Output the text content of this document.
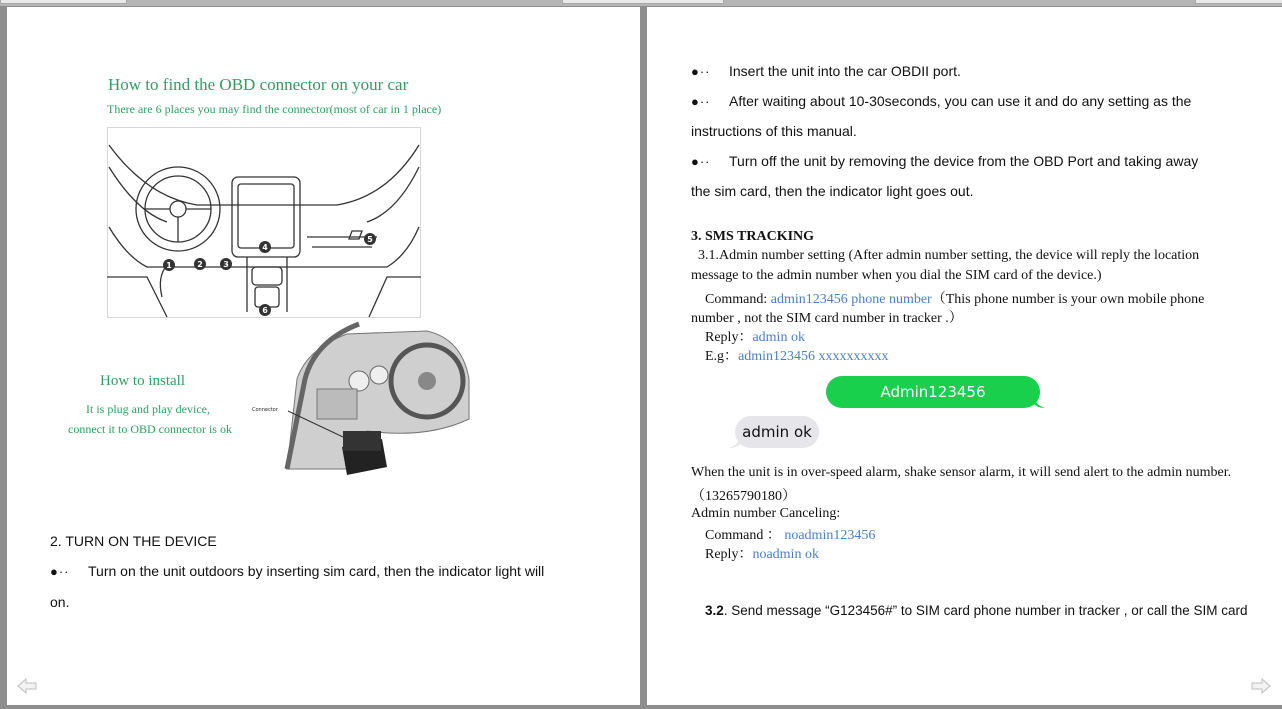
How to find the OBD connector on your car

There are 6 places you may find the connector(most of car in 1 place)

1	2	3
4
5
6

How to install

It is plug and play device,

connect it to OBD connector is ok

Connector

2. TURN ON THE DEVICE

●·· Turn on the unit outdoors by inserting sim card, then the indicator light will

on.

●·· Insert the unit into the car OBDII port.
●·· After waiting about 10-30seconds, you can use it and do any setting as the

instructions of this manual.

●·· Turn off the unit by removing the device from the OBD Port and taking away

the sim card, then the indicator light goes out.

3. SMS TRACKING

3.1.Admin number setting (After admin number setting, the device will reply the location

message to the admin number when you dial the SIM card of the device.)

Command: admin123456 phone number（This phone number is your own mobile phone

number , not the SIM card number in tracker .）

Reply：admin ok

E.g：admin123456 xxxxxxxxxx

Admin123456 13265790180
admin ok

When the unit is in over-speed alarm, shake sensor alarm, it will send alert to the admin number.

（13265790180）

Admin number Canceling:

Command ： noadmin123456

Reply：noadmin ok

3.2. Send message “G123456#” to SIM card phone number in tracker , or call the SIM card
